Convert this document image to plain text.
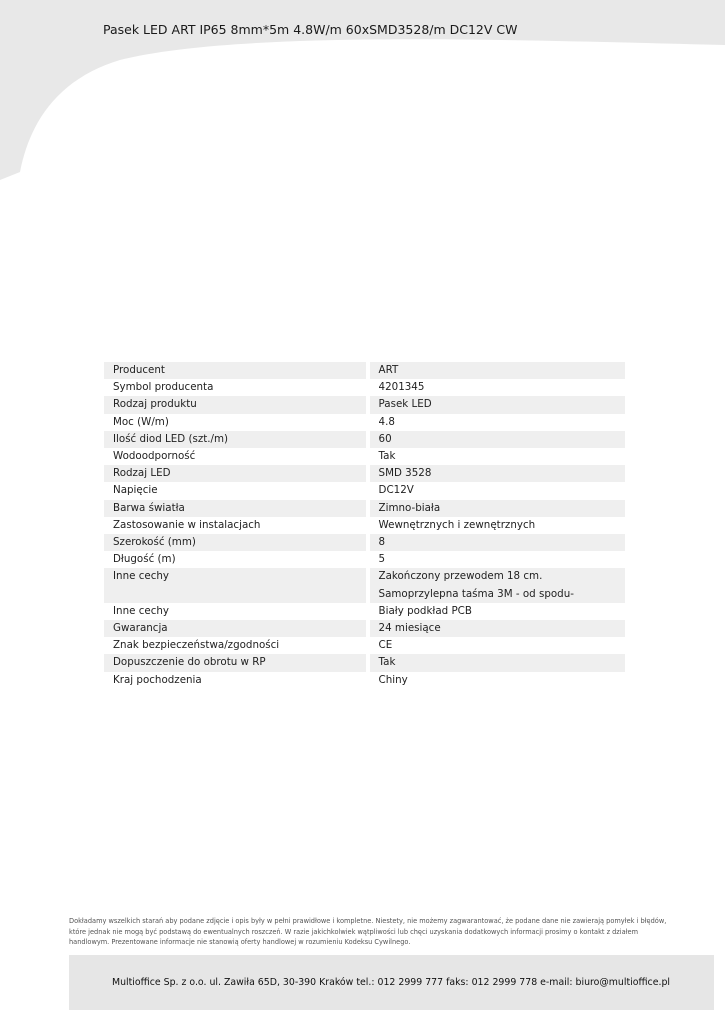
Pasek LED ART IP65 8mm*5m 4.8W/m 60xSMD3528/m DC12V CW
Producent	ART
Symbol producenta	4201345
Rodzaj produktu	Pasek LED
Moc (W/m)	4.8
Ilość diod LED (szt./m)	60
Wodoodporność	Tak
Rodzaj LED	SMD 3528
Napięcie	DC12V
Barwa światła	Zimno-biała
Zastosowanie w instalacjach	Wewnętrznych i zewnętrznych
Szerokość (mm)	8
Długość (m)	5
Inne cechy	Zakończony przewodem 18 cm. Samoprzylepna taśma 3M - od spodu-
Inne cechy	Biały podkład PCB
Gwarancja	24 miesiące
Znak bezpieczeństwa/zgodności	CE
Dopuszczenie do obrotu w RP	Tak
Kraj pochodzenia	Chiny
Dokładamy wszelkich starań aby podane zdjęcie i opis były w pełni prawidłowe i kompletne. Niestety, nie możemy zagwarantować, że podane dane nie zawierają pomyłek i błędów, które jednak nie mogą być podstawą do ewentualnych roszczeń. W razie jakichkolwiek wątpliwości lub chęci uzyskania dodatkowych informacji prosimy o kontakt z działem handlowym. Prezentowane informacje nie stanowią oferty handlowej w rozumieniu Kodeksu Cywilnego.
Multioffice Sp. z o.o. ul. Zawiła 65D, 30-390 Kraków tel.: 012 2999 777 faks: 012 2999 778 e-mail: biuro@multioffice.pl
